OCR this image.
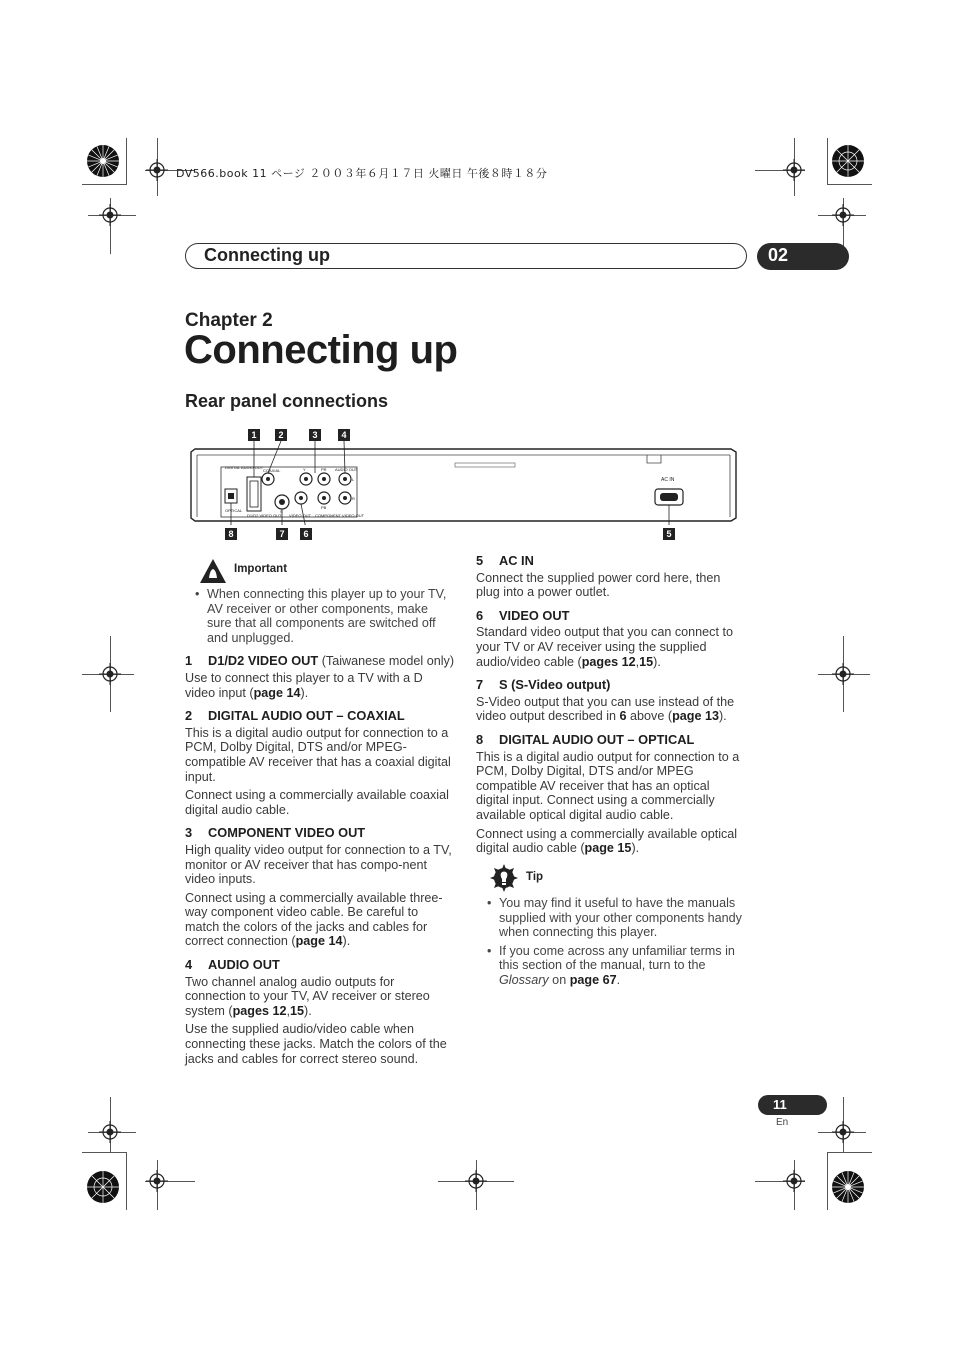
DV566.book 11 ページ ２００３年６月１７日 火曜日 午後８時１８分
Connecting up	02
Chapter 2
Connecting up
Rear panel connections
DIGITAL AUDIO OUT
OPTICAL
COAXIAL
D1/D2 VIDEO OUT
S
VIDEO OUT
Y	PR
PB
COMPONENT VIDEO OUT
AUDIO OUT
L
R
AC IN
1	2	3	4
8	7	6	5
Important

• When connecting this player up to your TV, AV receiver or other components, make sure that all components are switched off and unplugged.

1 D1/D2 VIDEO OUT (Taiwanese model only)

Use to connect this player to a TV with a D video input (page 14).

2 DIGITAL AUDIO OUT – COAXIAL

This is a digital audio output for connection to a PCM, Dolby Digital, DTS and/or MPEG-compatible AV receiver that has a coaxial digital input.

Connect using a commercially available coaxial digital audio cable.

3 COMPONENT VIDEO OUT

High quality video output for connection to a TV, monitor or AV receiver that has compo-nent video inputs.

Connect using a commercially available three-way component video cable. Be careful to match the colors of the jacks and cables for correct connection (page 14).

4 AUDIO OUT

Two channel analog audio outputs for connection to your TV, AV receiver or stereo system (pages 12,15).

Use the supplied audio/video cable when connecting these jacks. Match the colors of the jacks and cables for correct stereo sound.

5 AC IN

Connect the supplied power cord here, then plug into a power outlet.

6 VIDEO OUT

Standard video output that you can connect to your TV or AV receiver using the supplied audio/video cable (pages 12,15).

7 S (S-Video output)

S-Video output that you can use instead of the video output described in 6 above (page 13).

8 DIGITAL AUDIO OUT – OPTICAL

This is a digital audio output for connection to a PCM, Dolby Digital, DTS and/or MPEG compatible AV receiver that has an optical digital input. Connect using a commercially available optical digital audio cable.

Connect using a commercially available optical digital audio cable (page 15).

Tip

• You may find it useful to have the manuals supplied with your other components handy when connecting this player.

• If you come across any unfamiliar terms in this section of the manual, turn to the Glossary on page 67.

11
En
